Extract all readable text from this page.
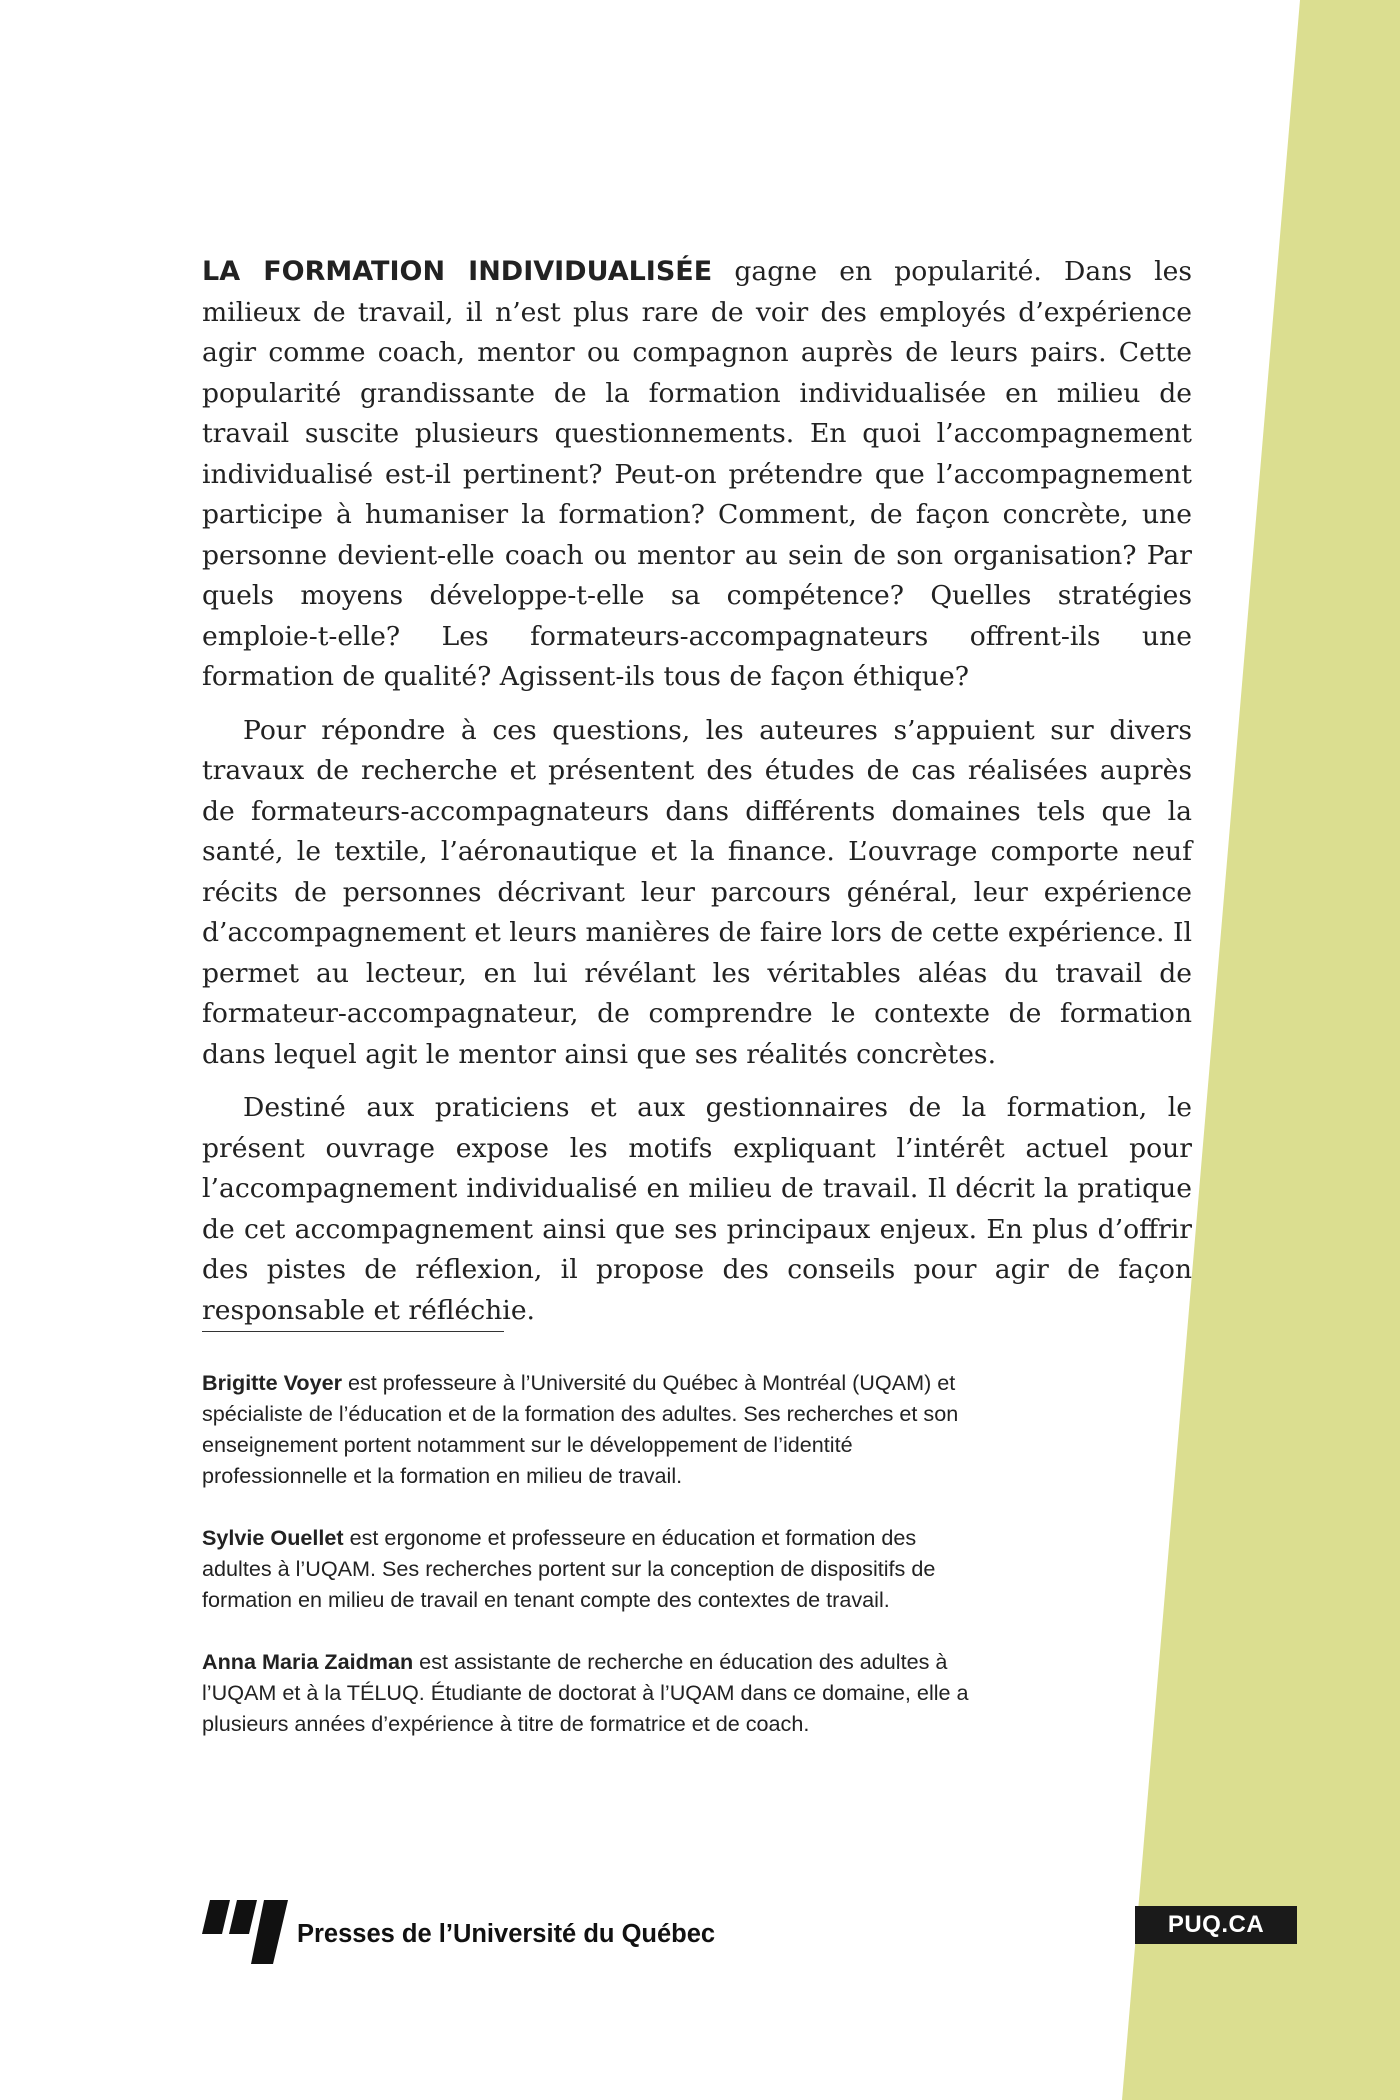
LA FORMATION INDIVIDUALISÉE gagne en popularité. Dans les milieux de travail, il n’est plus rare de voir des employés d’expérience agir comme coach, mentor ou compagnon auprès de leurs pairs. Cette popularité grandissante de la formation individualisée en milieu de travail suscite plusieurs questionnements. En quoi l’accompagnement individualisé est-il pertinent? Peut-on prétendre que l’accompagnement participe à humaniser la formation? Comment, de façon concrète, une personne devient-elle coach ou mentor au sein de son organisation? Par quels moyens développe-t-elle sa compétence? Quelles stratégies emploie-t-elle? Les formateurs-accompagnateurs offrent-ils une formation de qualité? Agissent-ils tous de façon éthique?

Pour répondre à ces questions, les auteures s’appuient sur divers travaux de recherche et présentent des études de cas réalisées auprès de formateurs-accompagnateurs dans différents domaines tels que la santé, le textile, l’aéronautique et la finance. L’ouvrage comporte neuf récits de personnes décrivant leur parcours général, leur expérience d’accompagnement et leurs manières de faire lors de cette expérience. Il permet au lecteur, en lui révélant les véritables aléas du travail de formateur-accompagnateur, de comprendre le contexte de formation dans lequel agit le mentor ainsi que ses réalités concrètes.

Destiné aux praticiens et aux gestionnaires de la formation, le présent ouvrage expose les motifs expliquant l’intérêt actuel pour l’accompagnement individualisé en milieu de travail. Il décrit la pratique de cet accompagnement ainsi que ses principaux enjeux. En plus d’offrir des pistes de réflexion, il propose des conseils pour agir de façon responsable et réfléchie.

Brigitte Voyer est professeure à l’Université du Québec à Montréal (UQAM) et spécialiste de l’éducation et de la formation des adultes. Ses recherches et son enseignement portent notamment sur le développement de l’identité professionnelle et la formation en milieu de travail.

Sylvie Ouellet est ergonome et professeure en éducation et formation des adultes à l’UQAM. Ses recherches portent sur la conception de dispositifs de formation en milieu de travail en tenant compte des contextes de travail.

Anna Maria Zaidman est assistante de recherche en éducation des adultes à l’UQAM et à la TÉLUQ. Étudiante de doctorat à l’UQAM dans ce domaine, elle a plusieurs années d’expérience à titre de formatrice et de coach.

Presses de l’Université du Québec	PUQ.CA
